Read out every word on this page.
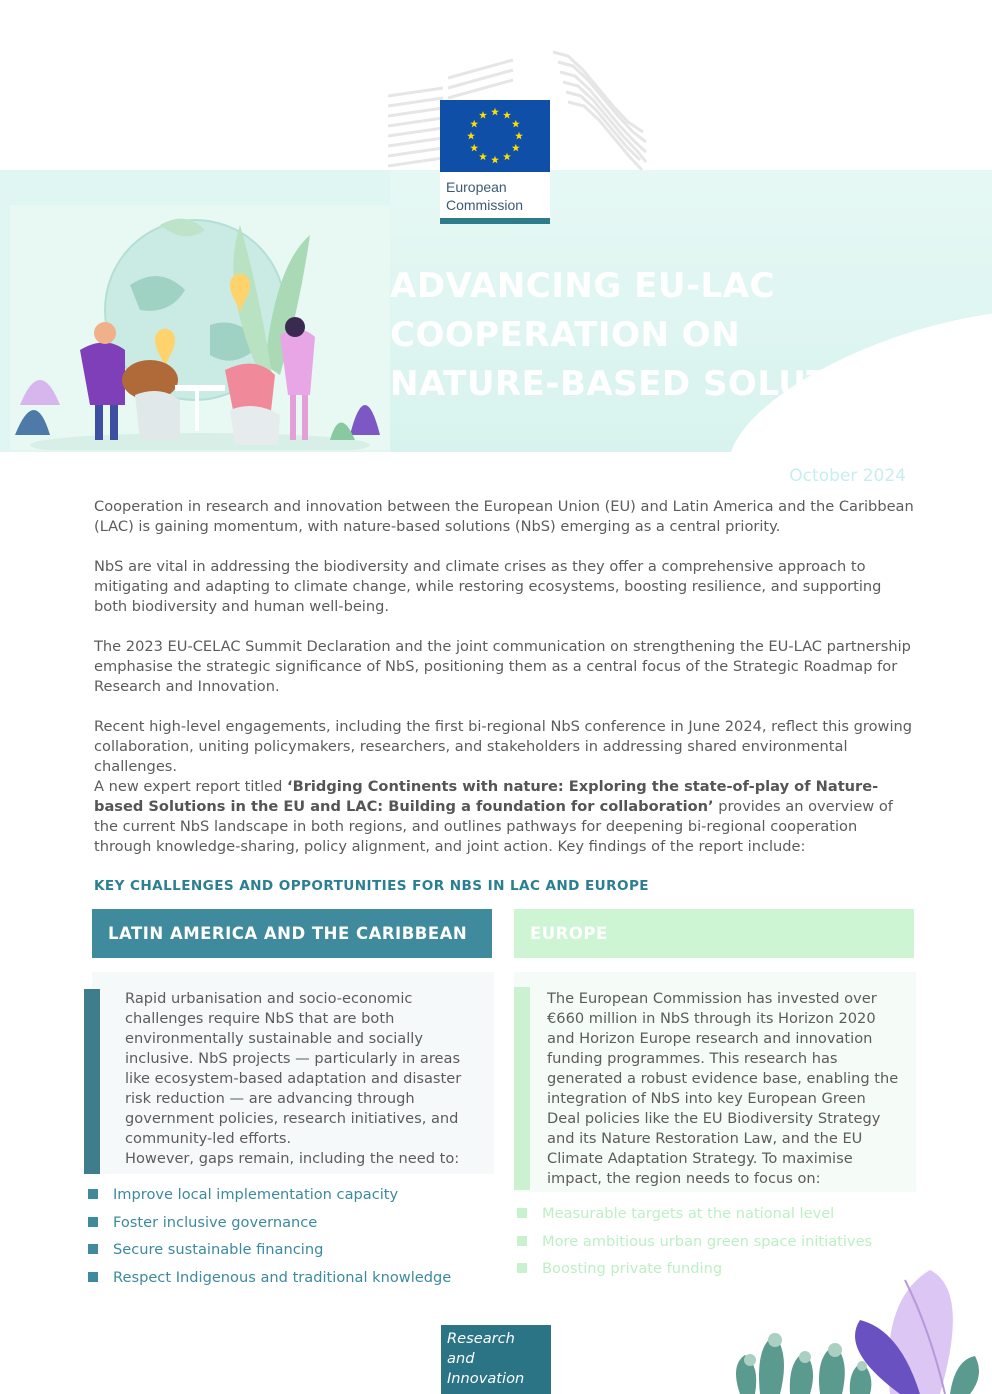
European
Commission
ADVANCING EU-LAC
COOPERATION ON
NATURE-BASED SOLUTIONS
October 2024

Cooperation in research and innovation between the European Union (EU) and Latin America and the Caribbean (LAC) is gaining momentum, with nature-based solutions (NbS) emerging as a central priority.

NbS are vital in addressing the biodiversity and climate crises as they offer a comprehensive approach to mitigating and adapting to climate change, while restoring ecosystems, boosting resilience, and supporting both biodiversity and human well-being.

The 2023 EU-CELAC Summit Declaration and the joint communication on strengthening the EU-LAC partnership emphasise the strategic significance of NbS, positioning them as a central focus of the Strategic Roadmap for Research and Innovation.

Recent high-level engagements, including the first bi-regional NbS conference in June 2024, reflect this growing collaboration, uniting policymakers, researchers, and stakeholders in addressing shared environmental challenges.

A new expert report titled ‘Bridging Continents with nature: Exploring the state-of-play of Nature-based Solutions in the EU and LAC: Building a foundation for collaboration’ provides an overview of the current NbS landscape in both regions, and outlines pathways for deepening bi-regional cooperation through knowledge-sharing, policy alignment, and joint action. Key findings of the report include:

KEY CHALLENGES AND OPPORTUNITIES FOR NBS IN LAC AND EUROPE
LATIN AMERICA AND THE CARIBBEAN	EUROPE
Rapid urbanisation and socio-economic challenges require NbS that are both environmentally sustainable and socially inclusive. NbS projects — particularly in areas like ecosystem-based adaptation and disaster risk reduction — are advancing through government policies, research initiatives, and community-led efforts.
However, gaps remain, including the need to:
The European Commission has invested over €660 million in NbS through its Horizon 2020 and Horizon Europe research and innovation funding programmes. This research has generated a robust evidence base, enabling the integration of NbS into key European Green Deal policies like the EU Biodiversity Strategy and its Nature Restoration Law, and the EU Climate Adaptation Strategy. To maximise impact, the region needs to focus on:
Improve local implementation capacity
Foster inclusive governance
Secure sustainable financing
Respect Indigenous and traditional knowledge
Measurable targets at the national level
More ambitious urban green space initiatives
Boosting private funding
Research and
Innovation
